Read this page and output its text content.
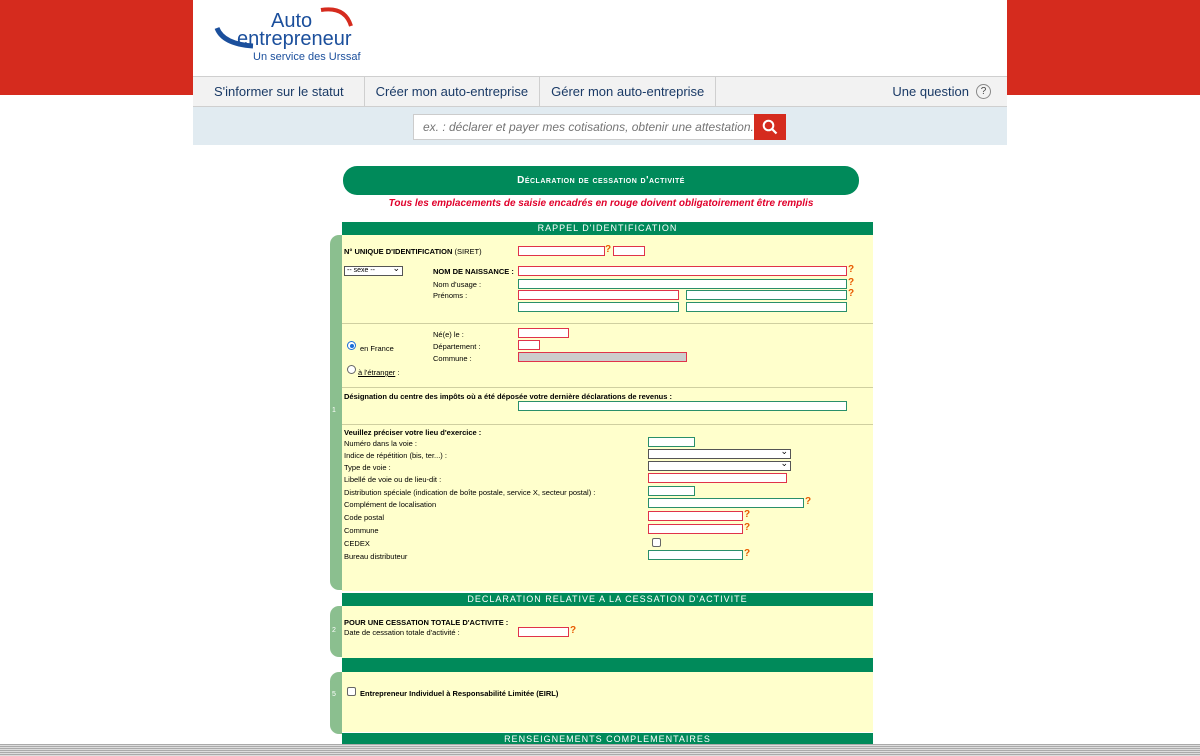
Auto
entrepreneur
Un service des Urssaf
S'informer sur le statut	Créer mon auto-entreprise	Gérer mon auto-entreprise	Une question	?
ex. : déclarer et payer mes cotisations, obtenir une attestation...
Déclaration de cessation d'activité
Tous les emplacements de saisie encadrés en rouge doivent obligatoirement être remplis
RAPPEL D'IDENTIFICATION
1
N° UNIQUE D'IDENTIFICATION (SIRET)	?
-- sexe -- ⌄	NOM DE NAISSANCE :	?
Nom d'usage :	?
Prénoms :	?
en France
à l'étranger :
Né(e) le :
Département :
Commune :
Désignation du centre des impôts où a été déposée votre dernière déclarations de revenus :
Veuillez préciser votre lieu d'exercice :
Numéro dans la voie :
Indice de répétition (bis, ter...) :
⌄
Type de voie :
⌄
Libellé de voie ou de lieu-dit :
Distribution spéciale (indication de boîte postale, service X, secteur postal) :
Complément de localisation	?
Code postal	?
Commune	?
CEDEX
Bureau distributeur	?
DECLARATION RELATIVE A LA CESSATION D'ACTIVITE
2
POUR UNE CESSATION TOTALE D'ACTIVITE :
Date de cessation totale d'activité :	?
5	Entrepreneur Individuel à Responsabilité Limitée (EIRL)
RENSEIGNEMENTS COMPLEMENTAIRES
